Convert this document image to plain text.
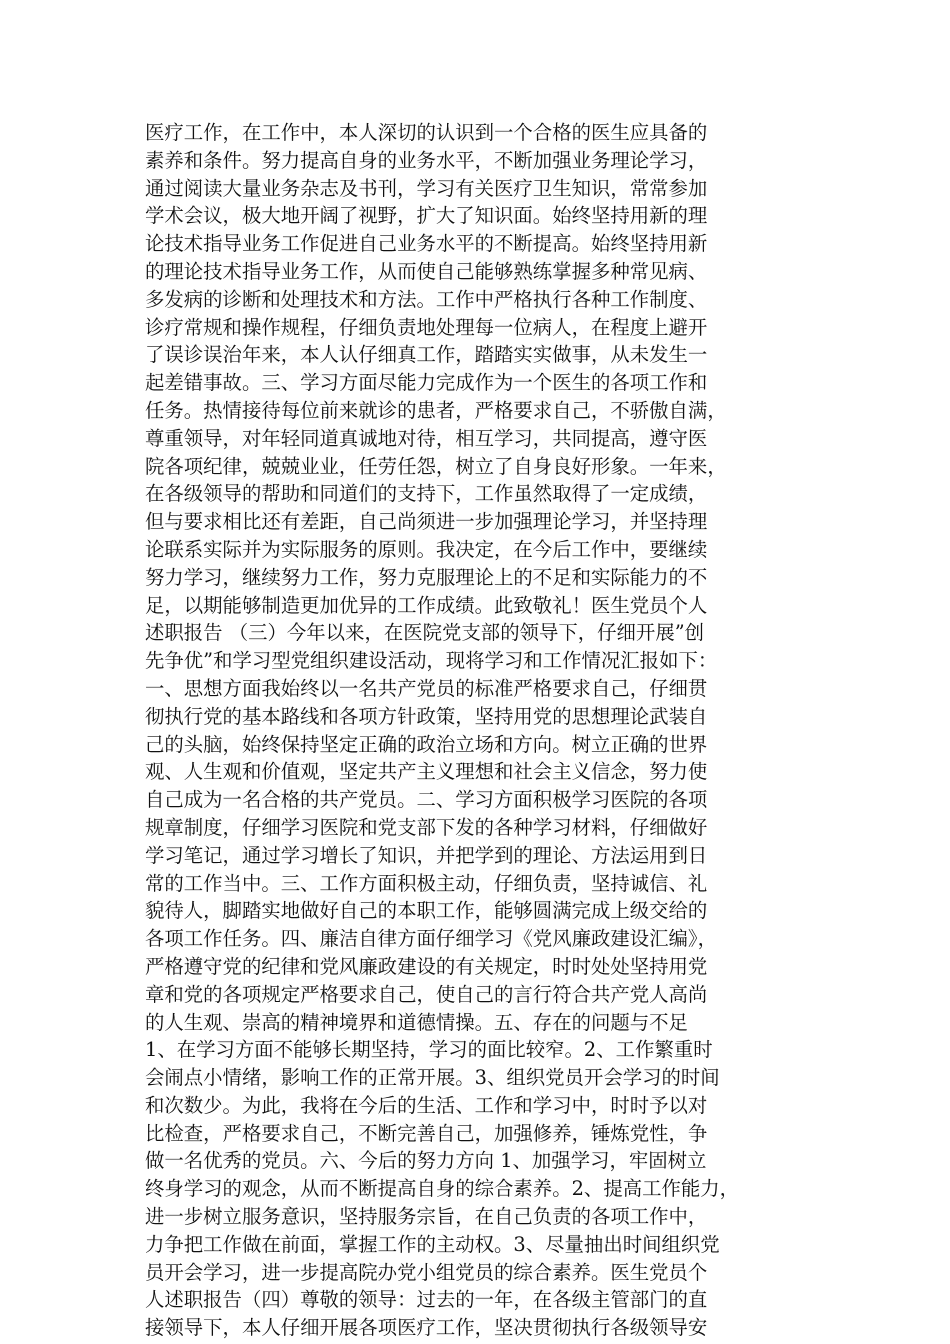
医疗工作，在工作中，本人深切的认识到一个合格的医生应具备的
素养和条件。努力提高自身的业务水平，不断加强业务理论学习，
通过阅读大量业务杂志及书刊，学习有关医疗卫生知识，常常参加
学术会议，极大地开阔了视野，扩大了知识面。始终坚持用新的理
论技术指导业务工作促进自己业务水平的不断提高。始终坚持用新
的理论技术指导业务工作，从而使自己能够熟练掌握多种常见病、
多发病的诊断和处理技术和方法。工作中严格执行各种工作制度、
诊疗常规和操作规程，仔细负责地处理每一位病人，在程度上避开
了误诊误治年来，本人认仔细真工作，踏踏实实做事，从未发生一
起差错事故。三、学习方面尽能力完成作为一个医生的各项工作和
任务。热情接待每位前来就诊的患者，严格要求自己，不骄傲自满，
尊重领导，对年轻同道真诚地对待，相互学习，共同提高，遵守医
院各项纪律，兢兢业业，任劳任怨，树立了自身良好形象。一年来，
在各级领导的帮助和同道们的支持下，工作虽然取得了一定成绩，
但与要求相比还有差距，自己尚须进一步加强理论学习，并坚持理
论联系实际并为实际服务的原则。我决定，在今后工作中，要继续
努力学习，继续努力工作，努力克服理论上的不足和实际能力的不
足，以期能够制造更加优异的工作成绩。此致敬礼！医生党员个人
述职报告 （三）今年以来，在医院党支部的领导下，仔细开展”创
先争优”和学习型党组织建设活动，现将学习和工作情况汇报如下：
一、思想方面我始终以一名共产党员的标准严格要求自己，仔细贯
彻执行党的基本路线和各项方针政策，坚持用党的思想理论武装自
己的头脑，始终保持坚定正确的政治立场和方向。树立正确的世界
观、人生观和价值观，坚定共产主义理想和社会主义信念，努力使
自己成为一名合格的共产党员。二、学习方面积极学习医院的各项
规章制度，仔细学习医院和党支部下发的各种学习材料，仔细做好
学习笔记，通过学习增长了知识，并把学到的理论、方法运用到日
常的工作当中。三、工作方面积极主动，仔细负责，坚持诚信、礼
貌待人，脚踏实地做好自己的本职工作，能够圆满完成上级交给的
各项工作任务。四、廉洁自律方面仔细学习《党风廉政建设汇编》，
严格遵守党的纪律和党风廉政建设的有关规定，时时处处坚持用党
章和党的各项规定严格要求自己，使自己的言行符合共产党人高尚
的人生观、崇高的精神境界和道德情操。五、存在的问题与不足
1、在学习方面不能够长期坚持，学习的面比较窄。2、工作繁重时
会闹点小情绪，影响工作的正常开展。3、组织党员开会学习的时间
和次数少。为此，我将在今后的生活、工作和学习中，时时予以对
比检查，严格要求自己，不断完善自己，加强修养，锤炼党性，争
做一名优秀的党员。六、今后的努力方向 1、加强学习，牢固树立
终身学习的观念，从而不断提高自身的综合素养。2、提高工作能力，
进一步树立服务意识，坚持服务宗旨，在自己负责的各项工作中，
力争把工作做在前面，掌握工作的主动权。3、尽量抽出时间组织党
员开会学习，进一步提高院办党小组党员的综合素养。医生党员个
人述职报告（四）尊敬的领导：过去的一年，在各级主管部门的直
接领导下，本人仔细开展各项医疗工作，坚决贯彻执行各级领导安
